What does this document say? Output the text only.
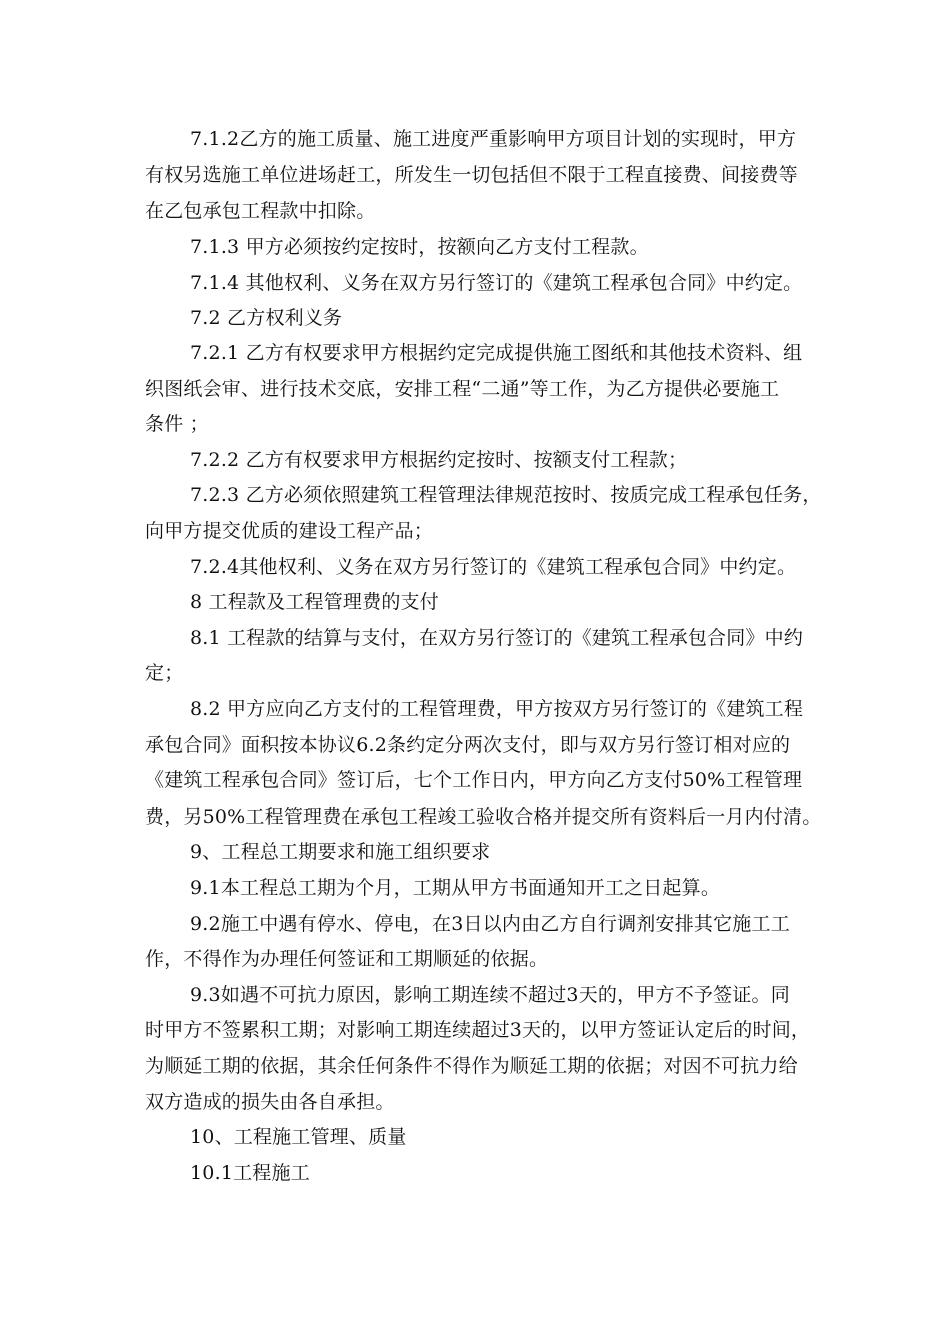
7.1.2乙方的施工质量、施工进度严重影响甲方项目计划的实现时，甲方
有权另选施工单位进场赶工，所发生一切包括但不限于工程直接费、间接费等
在乙包承包工程款中扣除。
7.1.3 甲方必须按约定按时，按额向乙方支付工程款。
7.1.4 其他权利、义务在双方另行签订的《建筑工程承包合同》中约定。
7.2 乙方权利义务
7.2.1 乙方有权要求甲方根据约定完成提供施工图纸和其他技术资料、组
织图纸会审、进行技术交底，安排工程“二通”等工作，为乙方提供必要施工
条件 ；
7.2.2 乙方有权要求甲方根据约定按时、按额支付工程款；
7.2.3 乙方必须依照建筑工程管理法律规范按时、按质完成工程承包任务，
向甲方提交优质的建设工程产品；
7.2.4其他权利、义务在双方另行签订的《建筑工程承包合同》中约定。
8 工程款及工程管理费的支付
8.1 工程款的结算与支付，在双方另行签订的《建筑工程承包合同》中约
定；
8.2 甲方应向乙方支付的工程管理费，甲方按双方另行签订的《建筑工程
承包合同》面积按本协议6.2条约定分两次支付，即与双方另行签订相对应的
《建筑工程承包合同》签订后，七个工作日内，甲方向乙方支付50%工程管理
费，另50%工程管理费在承包工程竣工验收合格并提交所有资料后一月内付清。
9、工程总工期要求和施工组织要求
9.1本工程总工期为个月，工期从甲方书面通知开工之日起算。
9.2施工中遇有停水、停电，在3日以内由乙方自行调剂安排其它施工工
作，不得作为办理任何签证和工期顺延的依据。
9.3如遇不可抗力原因，影响工期连续不超过3天的，甲方不予签证。同
时甲方不签累积工期；对影响工期连续超过3天的，以甲方签证认定后的时间，
为顺延工期的依据，其余任何条件不得作为顺延工期的依据；对因不可抗力给
双方造成的损失由各自承担。
10、工程施工管理、质量
10.1工程施工
